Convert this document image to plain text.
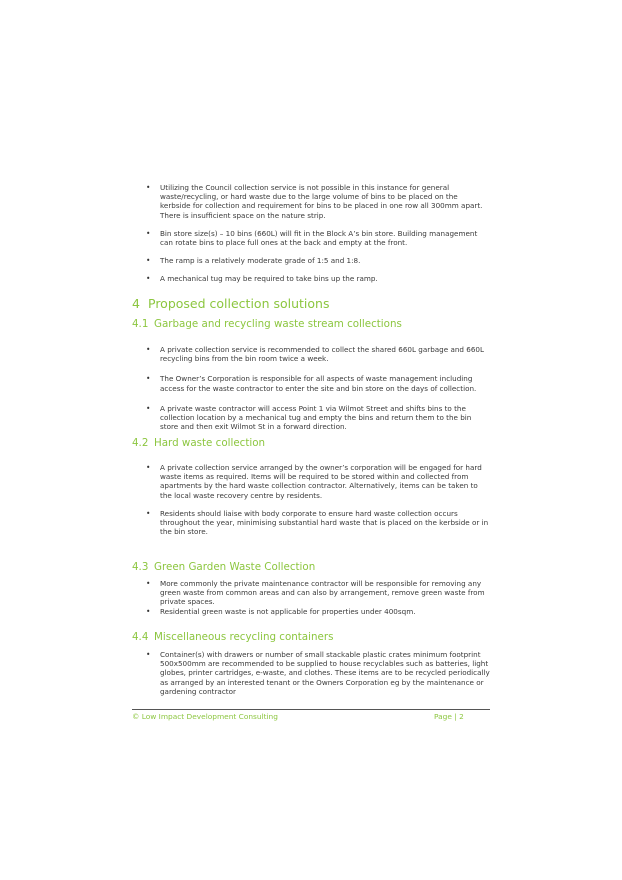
• Utilizing the Council collection service is not possible in this instance for general waste/recycling, or hard waste due to the large volume of bins to be placed on the kerbside for collection and requirement for bins to be placed in one row all 300mm apart. There is insufficient space on the nature strip.
• Bin store size(s) – 10 bins (660L) will fit in the Block A’s bin store. Building management can rotate bins to place full ones at the back and empty at the front.
• The ramp is a relatively moderate grade of 1:5 and 1:8.
• A mechanical tug may be required to take bins up the ramp.
4 Proposed collection solutions
4.1 Garbage and recycling waste stream collections
• A private collection service is recommended to collect the shared 660L garbage and 660L recycling bins from the bin room twice a week.
• The Owner’s Corporation is responsible for all aspects of waste management including access for the waste contractor to enter the site and bin store on the days of collection.
• A private waste contractor will access Point 1 via Wilmot Street and shifts bins to the collection location by a mechanical tug and empty the bins and return them to the bin store and then exit Wilmot St in a forward direction.
4.2 Hard waste collection
• A private collection service arranged by the owner’s corporation will be engaged for hard waste items as required. Items will be required to be stored within and collected from apartments by the hard waste collection contractor. Alternatively, items can be taken to the local waste recovery centre by residents.
• Residents should liaise with body corporate to ensure hard waste collection occurs throughout the year, minimising substantial hard waste that is placed on the kerbside or in the bin store.
4.3 Green Garden Waste Collection
• More commonly the private maintenance contractor will be responsible for removing any green waste from common areas and can also by arrangement, remove green waste from private spaces.
• Residential green waste is not applicable for properties under 400sqm.
4.4 Miscellaneous recycling containers
• Container(s) with drawers or number of small stackable plastic crates minimum footprint 500x500mm are recommended to be supplied to house recyclables such as batteries, light globes, printer cartridges, e-waste, and clothes. These items are to be recycled periodically as arranged by an interested tenant or the Owners Corporation eg by the maintenance or gardening contractor
© Low Impact Development Consulting	Page | 2
